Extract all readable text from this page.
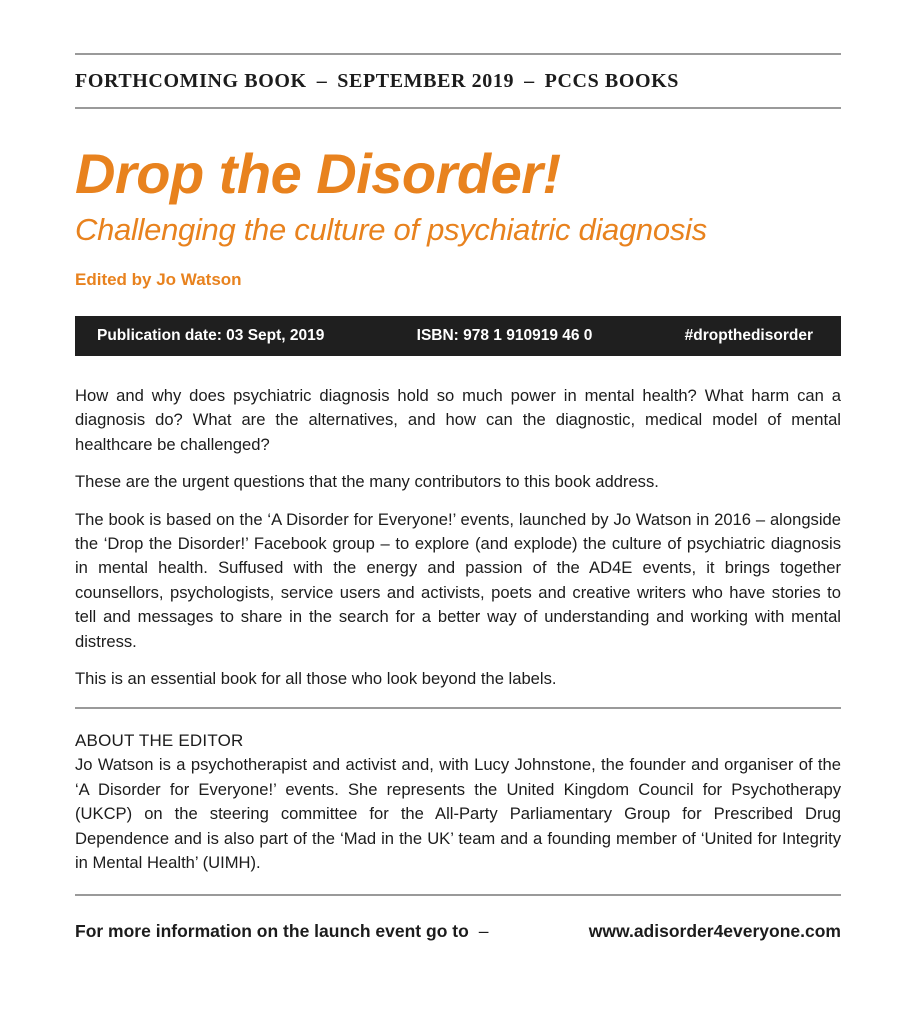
FORTHCOMING BOOK – SEPTEMBER 2019 – PCCS BOOKS
Drop the Disorder!
Challenging the culture of psychiatric diagnosis
Edited by Jo Watson
Publication date: 03 Sept, 2019	ISBN: 978 1 910919 46 0	#dropthedisorder

How and why does psychiatric diagnosis hold so much power in mental health? What harm can a diagnosis do? What are the alternatives, and how can the diagnostic, medical model of mental healthcare be challenged?

These are the urgent questions that the many contributors to this book address.

The book is based on the ‘A Disorder for Everyone!’ events, launched by Jo Watson in 2016 – alongside the ‘Drop the Disorder!’ Facebook group – to explore (and explode) the culture of psychiatric diagnosis in mental health. Suffused with the energy and passion of the AD4E events, it brings together counsellors, psychologists, service users and activists, poets and creative writers who have stories to tell and messages to share in the search for a better way of understanding and working with mental distress.

This is an essential book for all those who look beyond the labels.

ABOUT THE EDITOR
Jo Watson is a psychotherapist and activist and, with Lucy Johnstone, the founder and organiser of the ‘A Disorder for Everyone!’ events. She represents the United Kingdom Council for Psychotherapy (UKCP) on the steering committee for the All-Party Parliamentary Group for Prescribed Drug Dependence and is also part of the ‘Mad in the UK’ team and a founding member of ‘United for Integrity in Mental Health’ (UIMH).
For more information on the launch event go to –	www.adisorder4everyone.com
